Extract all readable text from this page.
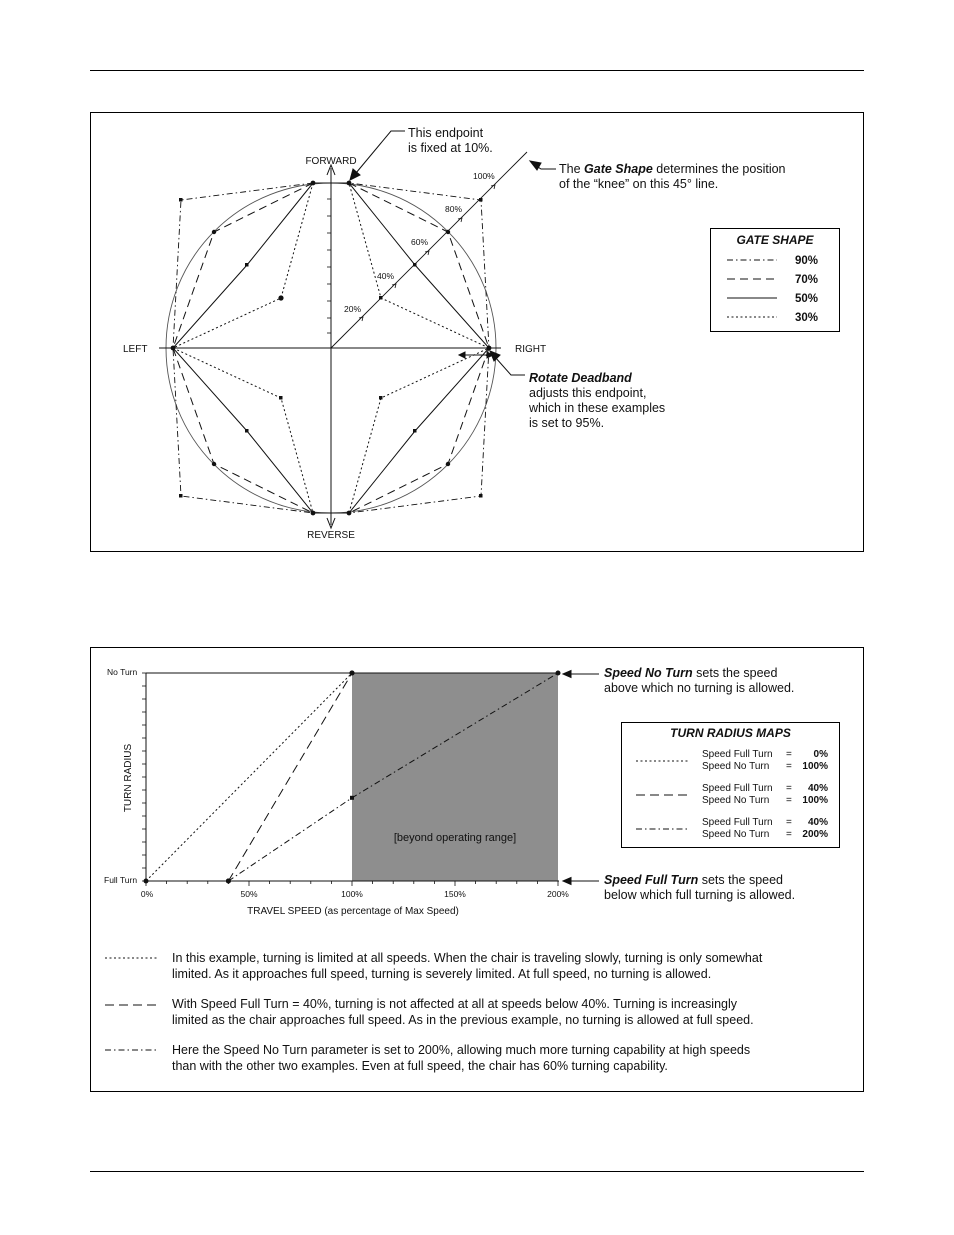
FORWARD
REVERSE
LEFT	RIGHT
20%
40%
60%
80%
100%
This endpoint
is fixed at 10%.
The Gate Shape determines the position
of the “knee” on this 45° line.
Rotate Deadband
adjusts this endpoint,
which in these examples
is set to 95%.
GATE SHAPE
90%
70%
50%
30%
[beyond operating range]
No Turn
Full Turn
TURN RADIUS
0%	50%	100%	150%	200%
TRAVEL SPEED (as percentage of Max Speed)
Speed No Turn sets the speed
above which no turning is allowed.
Speed Full Turn sets the speed
below which full turning is allowed.
TURN RADIUS MAPS
Speed Full Turn = 0%
Speed No Turn = 100%
Speed Full Turn = 40%
Speed No Turn = 100%
Speed Full Turn = 40%
Speed No Turn = 200%
In this example, turning is limited at all speeds. When the chair is traveling slowly, turning is only somewhat
limited. As it approaches full speed, turning is severely limited. At full speed, no turning is allowed.
With Speed Full Turn = 40%, turning is not affected at all at speeds below 40%. Turning is increasingly
limited as the chair approaches full speed. As in the previous example, no turning is allowed at full speed.
Here the Speed No Turn parameter is set to 200%, allowing much more turning capability at high speeds
than with the other two examples. Even at full speed, the chair has 60% turning capability.
